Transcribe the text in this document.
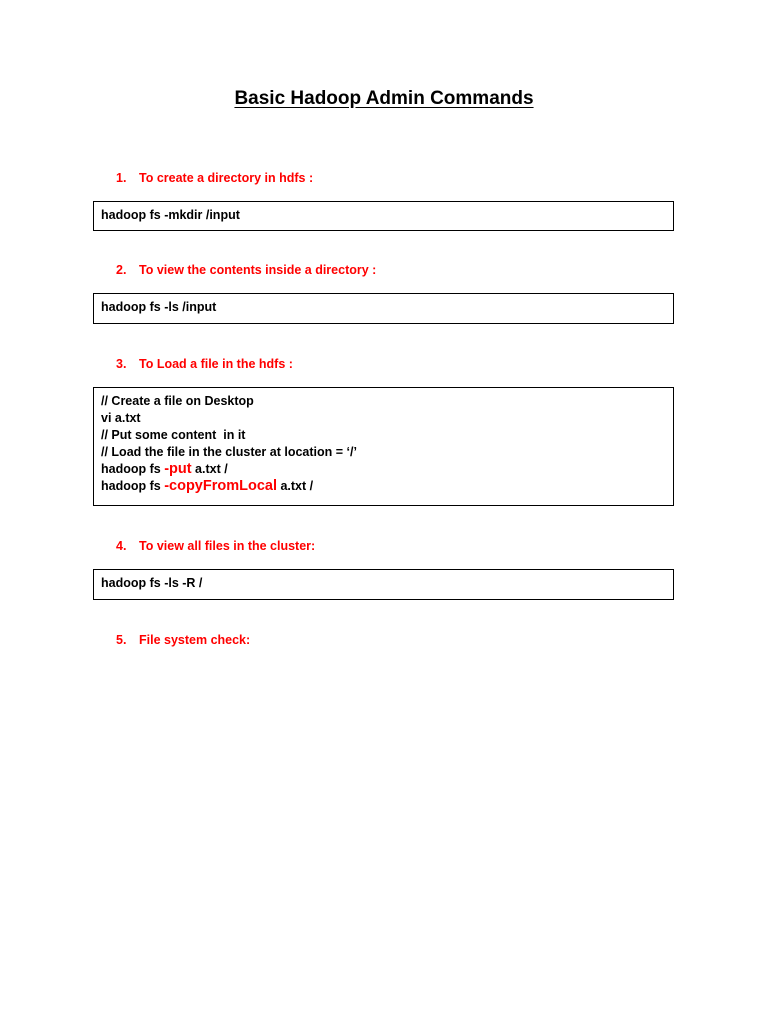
Basic Hadoop Admin Commands
1. To create a directory in hdfs :
hadoop fs -mkdir /input
2. To view the contents inside a directory :
hadoop fs -ls /input
3. To Load a file in the hdfs :
// Create a file on Desktop
vi a.txt
// Put some content  in it
// Load the file in the cluster at location = ‘/’
hadoop fs -put a.txt /
hadoop fs -copyFromLocal a.txt /
4. To view all files in the cluster:
hadoop fs -ls -R /
5. File system check:
